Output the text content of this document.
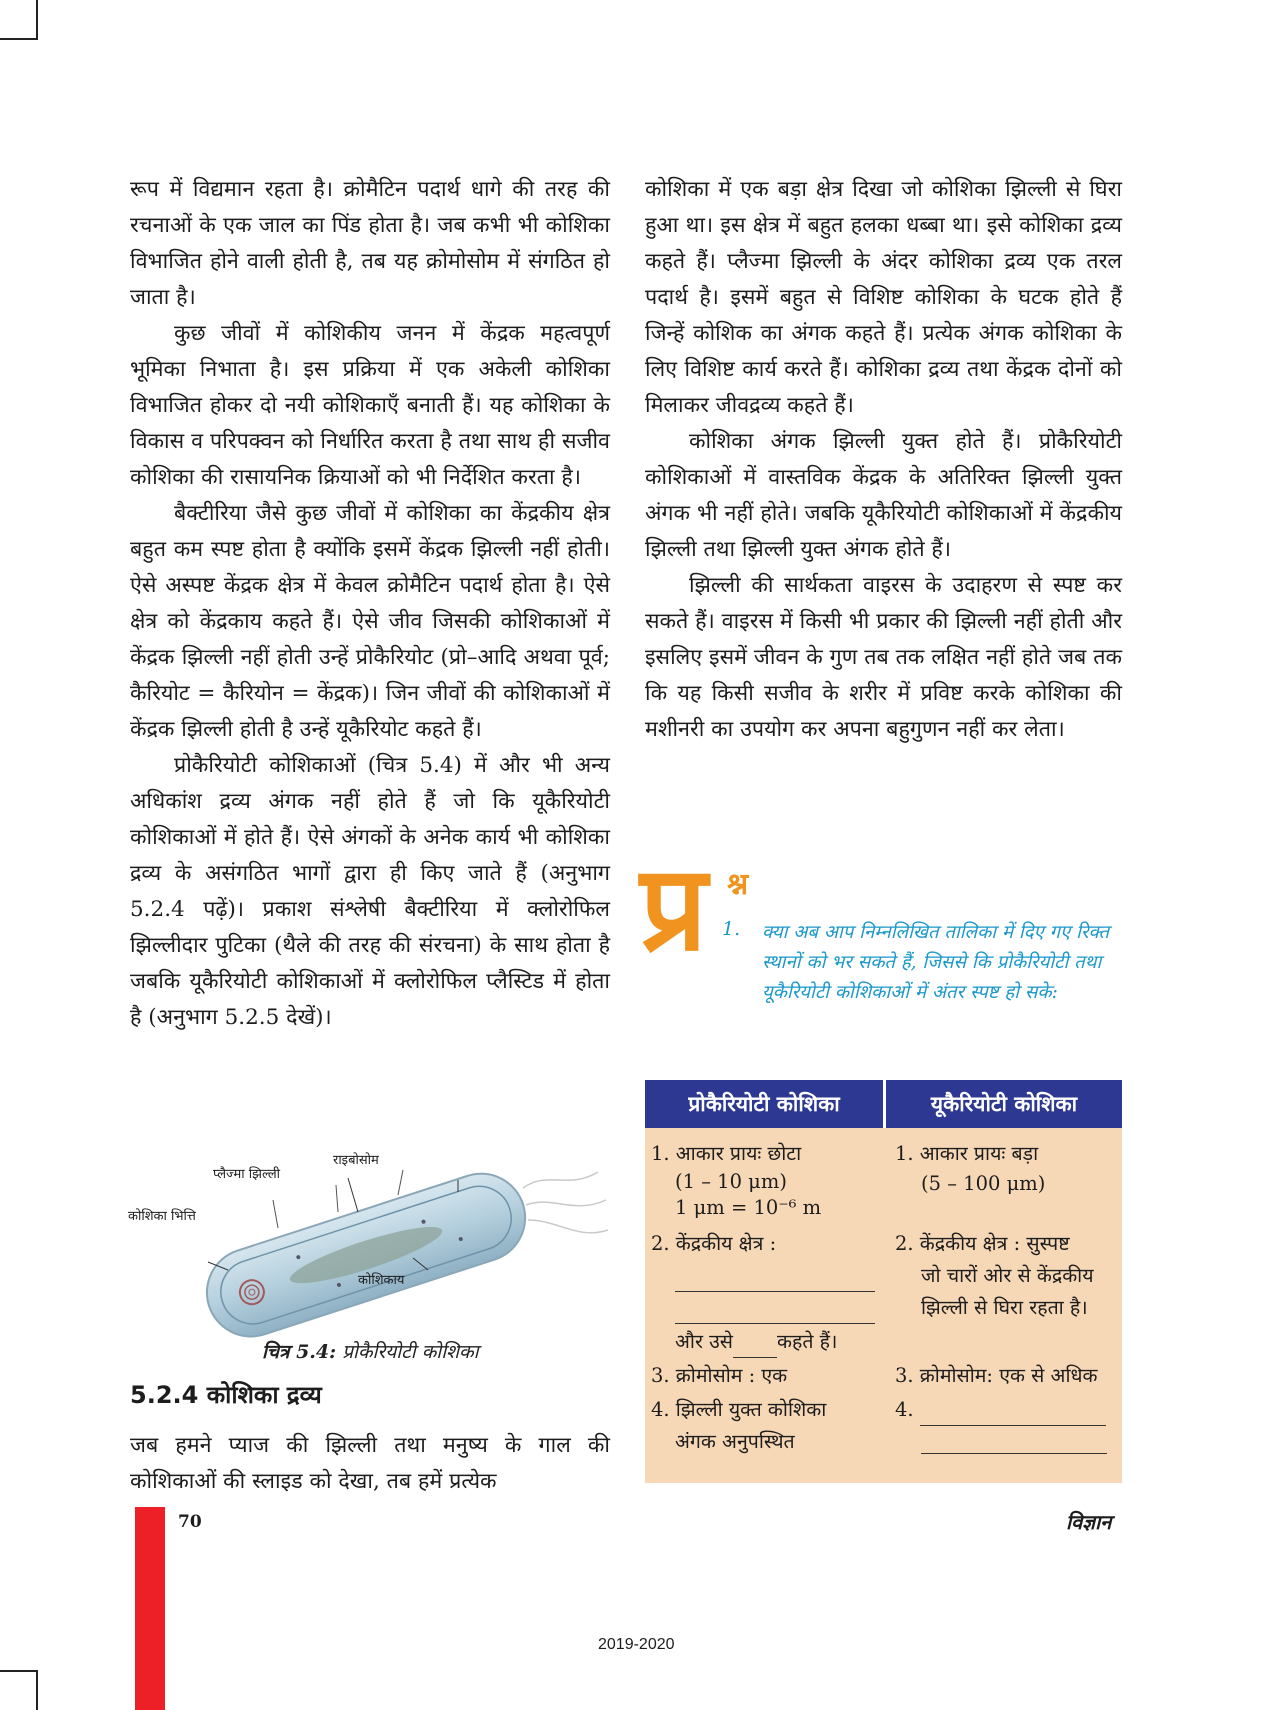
रूप में विद्यमान रहता है। क्रोमैटिन पदार्थ धागे की तरह की रचनाओं के एक जाल का पिंड होता है। जब कभी भी कोशिका विभाजित होने वाली होती है, तब यह क्रोमोसोम में संगठित हो जाता है।

कुछ जीवों में कोशिकीय जनन में केंद्रक महत्वपूर्ण भूमिका निभाता है। इस प्रक्रिया में एक अकेली कोशिका विभाजित होकर दो नयी कोशिकाएँ बनाती हैं। यह कोशिका के विकास व परिपक्वन को निर्धारित करता है तथा साथ ही सजीव कोशिका की रासायनिक क्रियाओं को भी निर्देशित करता है।

बैक्टीरिया जैसे कुछ जीवों में कोशिका का केंद्रकीय क्षेत्र बहुत कम स्पष्ट होता है क्योंकि इसमें केंद्रक झिल्ली नहीं होती। ऐसे अस्पष्ट केंद्रक क्षेत्र में केवल क्रोमैटिन पदार्थ होता है। ऐसे क्षेत्र को केंद्रकाय कहते हैं। ऐसे जीव जिसकी कोशिकाओं में केंद्रक झिल्ली नहीं होती उन्हें प्रोकैरियोट (प्रो–आदि अथवा पूर्व; कैरियोट = कैरियोन = केंद्रक)। जिन जीवों की कोशिकाओं में केंद्रक झिल्ली होती है उन्हें यूकैरियोट कहते हैं।

प्रोकैरियोटी कोशिकाओं (चित्र 5.4) में और भी अन्य अधिकांश द्रव्य अंगक नहीं होते हैं जो कि यूकैरियोटी कोशिकाओं में होते हैं। ऐसे अंगकों के अनेक कार्य भी कोशिका द्रव्य के असंगठित भागों द्वारा ही किए जाते हैं (अनुभाग 5.2.4 पढ़ें)। प्रकाश संश्लेषी बैक्टीरिया में क्लोरोफिल झिल्लीदार पुटिका (थैले की तरह की संरचना) के साथ होता है जबकि यूकैरियोटी कोशिकाओं में क्लोरोफिल प्लैस्टिड में होता है (अनुभाग 5.2.5 देखें)।

राइबोसोम
प्लैज्मा झिल्ली
कोशिका भित्ति
कोशिकाय
चित्र 5.4: प्रोकैरियोटी कोशिका
5.2.4 कोशिका द्रव्य
जब हमने प्याज की झिल्ली तथा मनुष्य के गाल की कोशिकाओं की स्लाइड को देखा, तब हमें प्रत्येक

कोशिका में एक बड़ा क्षेत्र दिखा जो कोशिका झिल्ली से घिरा हुआ था। इस क्षेत्र में बहुत हलका धब्बा था। इसे कोशिका द्रव्य कहते हैं। प्लैज्मा झिल्ली के अंदर कोशिका द्रव्य एक तरल पदार्थ है। इसमें बहुत से विशिष्ट कोशिका के घटक होते हैं जिन्हें कोशिक का अंगक कहते हैं। प्रत्येक अंगक कोशिका के लिए विशिष्ट कार्य करते हैं। कोशिका द्रव्य तथा केंद्रक दोनों को मिलाकर जीवद्रव्य कहते हैं।

कोशिका अंगक झिल्ली युक्त होते हैं। प्रोकैरियोटी कोशिकाओं में वास्तविक केंद्रक के अतिरिक्त झिल्ली युक्त अंगक भी नहीं होते। जबकि यूकैरियोटी कोशिकाओं में केंद्रकीय झिल्ली तथा झिल्ली युक्त अंगक होते हैं।

झिल्ली की सार्थकता वाइरस के उदाहरण से स्पष्ट कर सकते हैं। वाइरस में किसी भी प्रकार की झिल्ली नहीं होती और इसलिए इसमें जीवन के गुण तब तक लक्षित नहीं होते जब तक कि यह किसी सजीव के शरीर में प्रविष्ट करके कोशिका की मशीनरी का उपयोग कर अपना बहुगुणन नहीं कर लेता।

प्र श्न
1. क्या अब आप निम्नलिखित तालिका में दिए गए रिक्त स्थानों को भर सकते हैं, जिससे कि प्रोकैरियोटी तथा यूकैरियोटी कोशिकाओं में अंतर स्पष्ट हो सके:
प्रोकैरियोटी कोशिका	यूकैरियोटी कोशिका
1. आकार प्रायः छोटा
(1 – 10 μm)
1 μm = 10⁻⁶ m
2. केंद्रकीय क्षेत्र :
और उसे कहते हैं।
3. क्रोमोसोम : एक
4. झिल्ली युक्त कोशिका
अंगक अनुपस्थित
1. आकार प्रायः बड़ा
(5 – 100 μm)
2. केंद्रकीय क्षेत्र : सुस्पष्ट
जो चारों ओर से केंद्रकीय
झिल्ली से घिरा रहता है।
3. क्रोमोसोम: एक से अधिक
4.
70	विज्ञान
2019-2020
